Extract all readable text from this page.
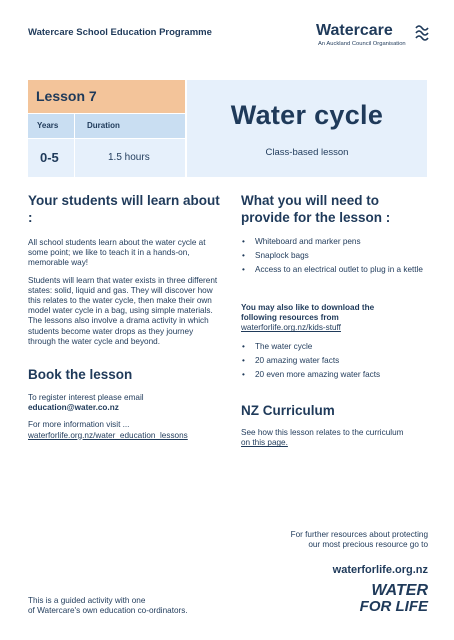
Watercare School Education Programme	Watercare
An Auckland Council Organisation
Lesson 7
Years	Duration
0-5	1.5 hours
Water cycle
Class-based lesson
Your students will learn about :

All school students learn about the water cycle at some point; we like to teach it in a hands-on, memorable way!

Students will learn that water exists in three different states: solid, liquid and gas. They will discover how this relates to the water cycle, then make their own model water cycle in a bag, using simple materials. The lessons also involve a drama activity in which students become water drops as they journey through the water cycle and beyond.

Book the lesson

To register interest please email

education@water.co.nz

For more information visit ...

waterforlife.org.nz/water_education_lessons

What you will need to
provide for the lesson :
• Whiteboard and marker pens
• Snaplock bags
• Access to an electrical outlet to plug in a kettle

You may also like to download the

following resources from

waterforlife.org.nz/kids-stuff

• The water cycle
• 20 amazing water facts
• 20 even more amazing water facts
NZ Curriculum

See how this lesson relates to the curriculum

on this page.

For further resources about protecting

our most precious resource go to

waterforlife.org.nz

WATER
FOR LIFE

This is a guided activity with one

of Watercare's own education co-ordinators.
